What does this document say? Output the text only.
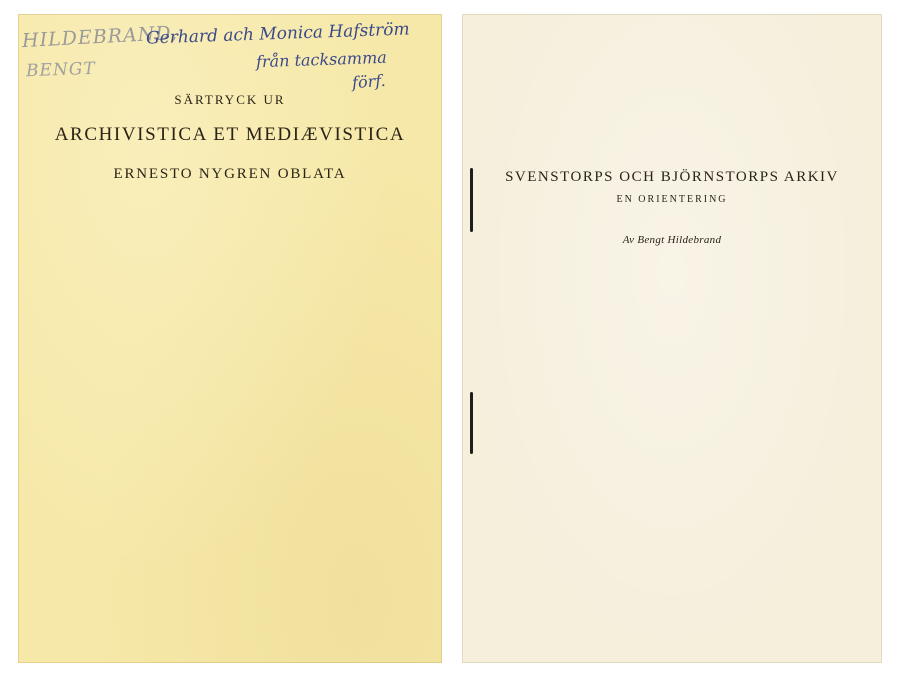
HILDEBRAND,
BENGT
Gerhard ach Monica Hafström
från tacksamma
förf.
SÄRTRYCK UR
ARCHIVISTICA ET MEDIÆVISTICA
ERNESTO NYGREN OBLATA	SVENSTORPS OCH BJÖRNSTORPS ARKIV
EN ORIENTERING
Av Bengt Hildebrand
